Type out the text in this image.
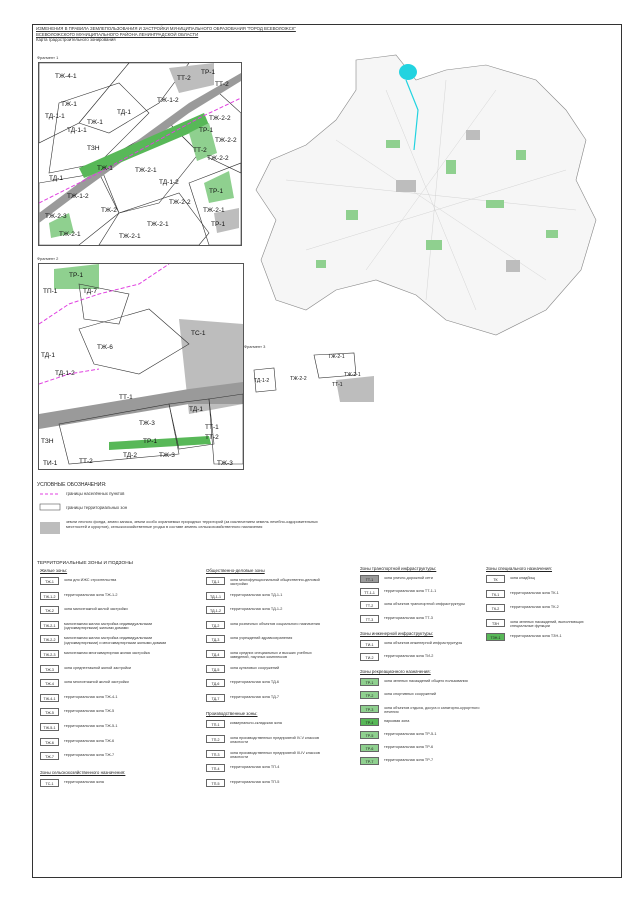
ИЗМЕНЕНИЯ В ПРАВИЛА ЗЕМЛЕПОЛЬЗОВАНИЯ И ЗАСТРОЙКИ МУНИЦИПАЛЬНОГО ОБРАЗОВАНИЯ "ГОРОД ВСЕВОЛОЖСК"
ВСЕВОЛОЖСКОГО МУНИЦИПАЛЬНОГО РАЙОНА ЛЕНИНГРАДСКОЙ ОБЛАСТИ
Карта градостроительного зонирования
Фрагмент 1
ТЖ-4-1	ТТ-2
ТР-1
ТТ-2
ТЖ-1
ТЖ-1-2
ТД-1
ТД-1-1
ТЖ-1
ТЖ-2-2
ТД-1-1	ТР-1
ТЖ-2-2
ТТ-2
ТЗН
ТЖ-2-2
ТЖ-1	ТЖ-2-1
ТД-1
ТД-1-2
ТЖ-1-2
ТР-1
ТЖ-2-2
ТЖ-2-3
ТЖ-2
ТЖ-2-1
ТЖ-2-1
ТЖ-2-1	ТЖ-2-1
ТР-1
Фрагмент 2
ТР-1
ТП-1	ТД-7
ТЖ-6
ТС-1
ТД-1
ТД-1-2
ТТ-1
ТЖ-3
ТД-1
ТЗН	ТР-1
ТД-2	ТЖ-3
ТТ-1
ТТ-2
ТИ-1	ТТ-2	ТЖ-3
Фрагмент 3
ТЖ-2-1
ТЖ-2-2
ТТ-1
ТЖ-2-1
ТД-1-2
УСЛОВНЫЕ ОБОЗНАЧЕНИЯ:
границы населённых пунктов
границы территориальных зон
земли лесного фонда, земли запаса, земли особо охраняемых природных территорий (за исключением земель лечебно-оздоровительных местностей и курортов), сельскохозяйственные угодья в составе земель сельскохозяйственного назначения
ТЕРРИТОРИАЛЬНЫЕ ЗОНЫ И ПОДЗОНЫ
Жилые зоны:
ТЖ-1	зона для ИЖС строительства
ТЖ-1-2	территориальная зона ТЖ-1-2
ТЖ-2	зона малоэтажной жилой застройки
ТЖ-2-1	малоэтажная жилая застройка индивидуальными (одноквартирными) жилыми домами
ТЖ-2-2	малоэтажная жилая застройка индивидуальными (одноквартирными) и многоквартирными жилыми домами
ТЖ-2-3	малоэтажная многоквартирная жилая застройка
ТЖ-3	зона среднеэтажной жилой застройки
ТЖ-4	зона многоэтажной жилой застройки
ТЖ-4-1	территориальная зона ТЖ-4-1
ТЖ-5	территориальная зона ТЖ-5
ТЖ-5-1	территориальная зона ТЖ-5-1
ТЖ-6	территориальная зона ТЖ-6
ТЖ-7	территориальная зона ТЖ-7
Зоны сельскохозяйственного назначения:
ТС-1	территориальная зона
Общественно-деловые зоны
ТД-1	зона многофункциональной общественно-деловой застройки
ТД-1-1	территориальная зона ТД-1-1
ТД-1-2	территориальная зона ТД-1-2
ТД-2	зона розничных объектов социального назначения
ТД-3	зона учреждений здравоохранения
ТД-4	зона средних специальных и высших учебных заведений, научных комплексов
ТД-5	зона культовых сооружений
ТД-6	территориальная зона ТД-6
ТД-7	территориальная зона ТД-7
Производственные зоны:
ТП-1	коммунально-складская зона
ТП-2	зона производственных предприятий IV-V классов опасности
ТП-3	зона производственных предприятий III-IV классов опасности
ТП-4	территориальная зона ТП-4
ТП-5	территориальная зона ТП-5
Зоны транспортной инфраструктуры:
ТТ-1	зона улично-дорожной сети
ТТ-1-1	территориальная зона ТТ-1-1
ТТ-2	зона объектов транспортной инфраструктуры
ТТ-3	территориальная зона ТТ-3
Зоны инженерной инфраструктуры:
ТИ-1	зона объектов инженерной инфраструктуры
ТИ-2	территориальная зона ТИ-2
Зоны рекреационного назначения:
ТР-1	зона зеленых насаждений общего пользования
ТР-2	зона спортивных сооружений
ТР-3	зона объектов отдыха, досуга и санаторно-курортного лечения
ТР-4	парковая зона
ТР-5	территориальная зона ТР-5-1
ТР-6	территориальная зона ТР-6
ТР-7	территориальная зона ТР-7
Зоны специального назначения:
ТК	зона кладбищ
ТК-1	территориальная зона ТК-1
ТК-2	территориальная зона ТК-2
ТЗН	зона зеленых насаждений, выполняющих специальные функции
ТЗН-1	территориальная зона ТЗН-1
